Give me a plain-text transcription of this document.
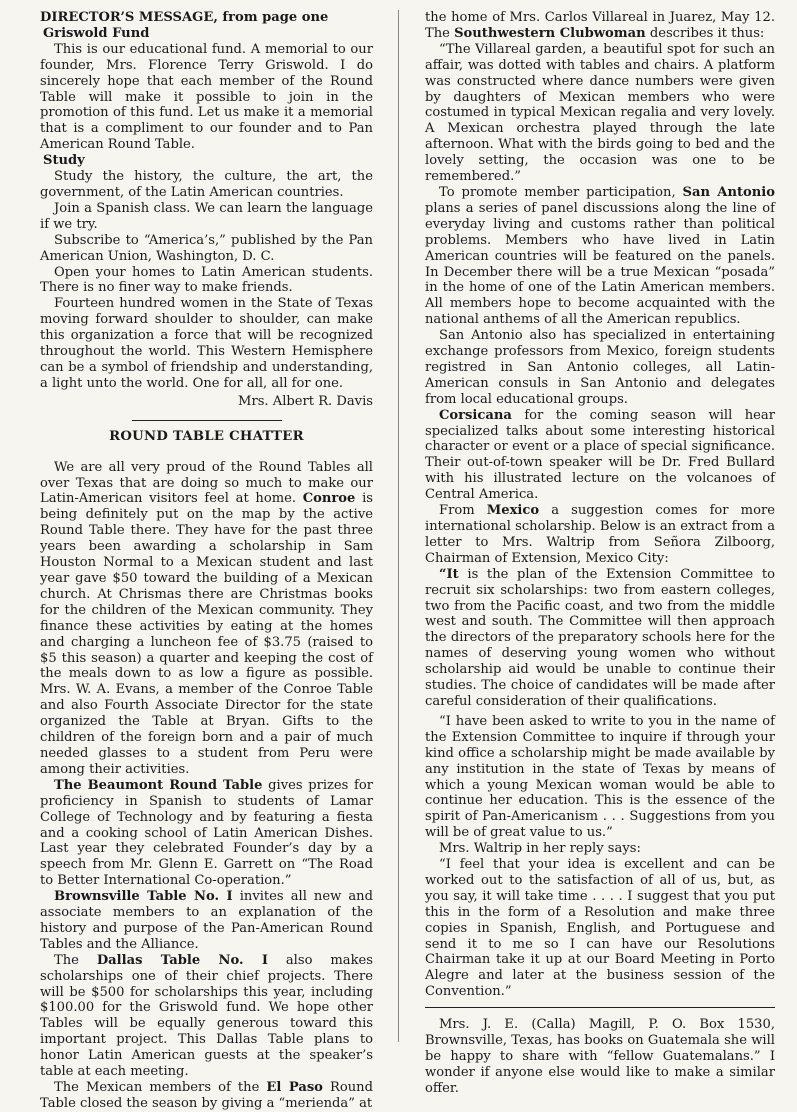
DIRECTOR’S MESSAGE, from page one
Griswold Fund

This is our educational fund. A memorial to our founder, Mrs. Florence Terry Griswold. I do sincerely hope that each member of the Round Table will make it possible to join in the promotion of this fund. Let us make it a memorial that is a compliment to our founder and to Pan American Round Table.

Study

Study the history, the culture, the art, the government, of the Latin American countries.

Join a Spanish class. We can learn the language if we try.

Subscribe to “America’s,” published by the Pan American Union, Washington, D. C.

Open your homes to Latin American students. There is no finer way to make friends.

Fourteen hundred women in the State of Texas moving forward shoulder to shoulder, can make this organization a force that will be recognized throughout the world. This Western Hemisphere can be a symbol of friendship and understanding, a light unto the world. One for all, all for one.

Mrs. Albert R. Davis
ROUND TABLE CHATTER

We are all very proud of the Round Tables all over Texas that are doing so much to make our Latin-American visitors feel at home. Conroe is being definitely put on the map by the active Round Table there. They have for the past three years been awarding a scholarship in Sam Houston Normal to a Mexican student and last year gave $50 toward the building of a Mexican church. At Chrismas there are Christmas books for the children of the Mexican community. They finance these activities by eating at the homes and charging a luncheon fee of $3.75 (raised to $5 this season) a quarter and keeping the cost of the meals down to as low a figure as possible. Mrs. W. A. Evans, a member of the Conroe Table and also Fourth Associate Director for the state organized the Table at Bryan. Gifts to the children of the foreign born and a pair of much needed glasses to a student from Peru were among their activities.

The Beaumont Round Table gives prizes for proficiency in Spanish to students of Lamar College of Technology and by featuring a fiesta and a cooking school of Latin American Dishes. Last year they celebrated Founder’s day by a speech from Mr. Glenn E. Garrett on “The Road to Better International Co-operation.”

Brownsville Table No. I invites all new and associate members to an explanation of the history and purpose of the Pan-American Round Tables and the Alliance.

The Dallas Table No. I also makes scholarships one of their chief projects. There will be $500 for scholarships this year, including $100.00 for the Griswold fund. We hope other Tables will be equally generous toward this important project. This Dallas Table plans to honor Latin American guests at the speaker’s table at each meeting.

The Mexican members of the El Paso Round Table closed the season by giving a “merienda” at

the home of Mrs. Carlos Villareal in Juarez, May 12. The Southwestern Clubwoman describes it thus:

“The Villareal garden, a beautiful spot for such an affair, was dotted with tables and chairs. A platform was constructed where dance numbers were given by daughters of Mexican members who were costumed in typical Mexican regalia and very lovely. A Mexican orchestra played through the late afternoon. What with the birds going to bed and the lovely setting, the occasion was one to be remembered.”

To promote member participation, San Antonio plans a series of panel discussions along the line of everyday living and customs rather than political problems. Members who have lived in Latin American countries will be featured on the panels. In December there will be a true Mexican “posada” in the home of one of the Latin American members. All members hope to become acquainted with the national anthems of all the American republics.

San Antonio also has specialized in entertaining exchange professors from Mexico, foreign students registred in San Antonio colleges, all Latin-American consuls in San Antonio and delegates from local educational groups.

Corsicana for the coming season will hear specialized talks about some interesting historical character or event or a place of special significance. Their out-of-town speaker will be Dr. Fred Bullard with his illustrated lecture on the volcanoes of Central America.

From Mexico a suggestion comes for more international scholarship. Below is an extract from a letter to Mrs. Waltrip from Señora Zilboorg, Chairman of Extension, Mexico City:

“It is the plan of the Extension Committee to recruit six scholarships: two from eastern colleges, two from the Pacific coast, and two from the middle west and south. The Committee will then approach the directors of the preparatory schools here for the names of deserving young women who without scholarship aid would be unable to continue their studies. The choice of candidates will be made after careful consideration of their qualifications.

“I have been asked to write to you in the name of the Extension Committee to inquire if through your kind office a scholarship might be made available by any institution in the state of Texas by means of which a young Mexican woman would be able to continue her education. This is the essence of the spirit of Pan-Americanism . . . Suggestions from you will be of great value to us.”

Mrs. Waltrip in her reply says:

“I feel that your idea is excellent and can be worked out to the satisfaction of all of us, but, as you say, it will take time . . . . I suggest that you put this in the form of a Resolution and make three copies in Spanish, English, and Portuguese and send it to me so I can have our Resolutions Chairman take it up at our Board Meeting in Porto Alegre and later at the business session of the Convention.”

Mrs. J. E. (Calla) Magill, P. O. Box 1530, Brownsville, Texas, has books on Guatemala she will be happy to share with “fellow Guatemalans.” I wonder if anyone else would like to make a similar offer.
